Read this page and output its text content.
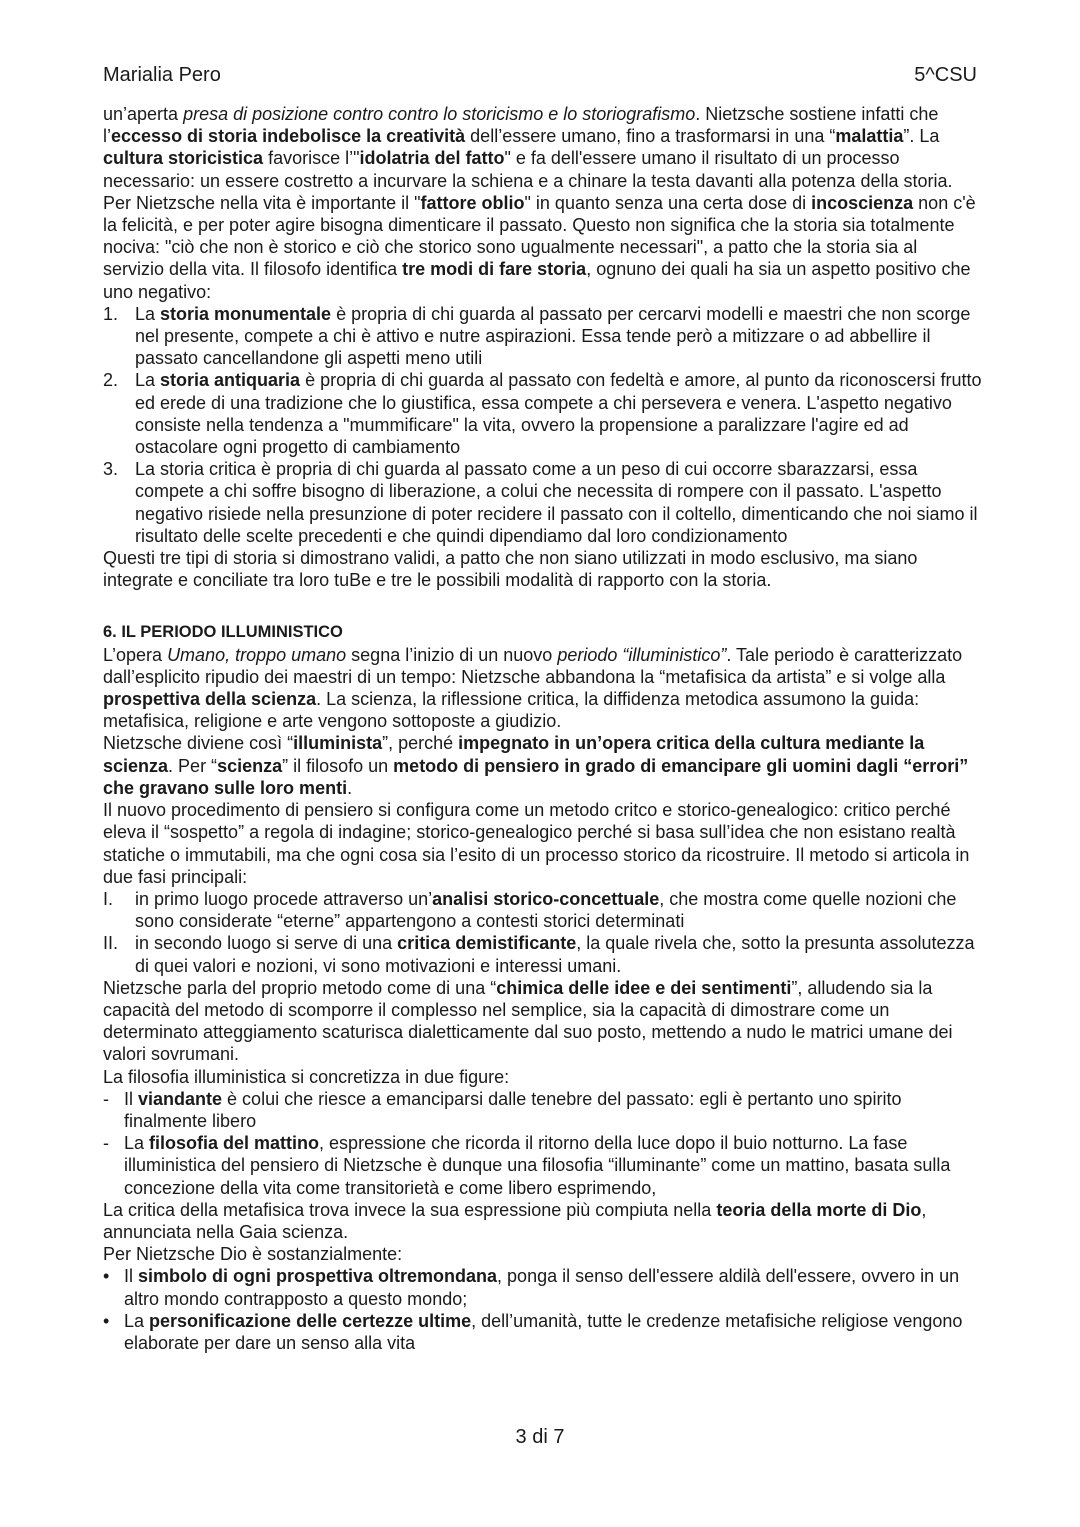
Marialia Pero	5^CSU

un’aperta presa di posizione contro contro lo storicismo e lo storiografismo. Nietzsche sostiene infatti che l’eccesso di storia indebolisce la creatività dell’essere umano, fino a trasformarsi in una “malattia”. La cultura storicistica favorisce l’"idolatria del fatto" e fa dell'essere umano il risultato di un processo necessario: un essere costretto a incurvare la schiena e a chinare la testa davanti alla potenza della storia. Per Nietzsche nella vita è importante il "fattore oblio" in quanto senza una certa dose di incoscienza non c'è la felicità, e per poter agire bisogna dimenticare il passato. Questo non significa che la storia sia totalmente nociva: "ciò che non è storico e ciò che storico sono ugualmente necessari", a patto che la storia sia al servizio della vita. Il filosofo identifica tre modi di fare storia, ognuno dei quali ha sia un aspetto positivo che uno negativo:

1. La storia monumentale è propria di chi guarda al passato per cercarvi modelli e maestri che non scorge nel presente, compete a chi è attivo e nutre aspirazioni. Essa tende però a mitizzare o ad abbellire il passato cancellandone gli aspetti meno utili
2. La storia antiquaria è propria di chi guarda al passato con fedeltà e amore, al punto da riconoscersi frutto ed erede di una tradizione che lo giustifica, essa compete a chi persevera e venera. L'aspetto negativo consiste nella tendenza a "mummificare" la vita, ovvero la propensione a paralizzare l'agire ed ad ostacolare ogni progetto di cambiamento
3. La storia critica è propria di chi guarda al passato come a un peso di cui occorre sbarazzarsi, essa compete a chi soffre bisogno di liberazione, a colui che necessita di rompere con il passato. L'aspetto negativo risiede nella presunzione di poter recidere il passato con il coltello, dimenticando che noi siamo il risultato delle scelte precedenti e che quindi dipendiamo dal loro condizionamento

Questi tre tipi di storia si dimostrano validi, a patto che non siano utilizzati in modo esclusivo, ma siano integrate e conciliate tra loro tuBe e tre le possibili modalità di rapporto con la storia.

6. IL PERIODO ILLUMINISTICO

L’opera Umano, troppo umano segna l’inizio di un nuovo periodo “illuministico”. Tale periodo è caratterizzato dall’esplicito ripudio dei maestri di un tempo: Nietzsche abbandona la “metafisica da artista” e si volge alla prospettiva della scienza. La scienza, la riflessione critica, la diffidenza metodica assumono la guida: metafisica, religione e arte vengono sottoposte a giudizio.

Nietzsche diviene così “illuminista”, perché impegnato in un’opera critica della cultura mediante la scienza. Per “scienza” il filosofo un metodo di pensiero in grado di emancipare gli uomini dagli “errori” che gravano sulle loro menti.

Il nuovo procedimento di pensiero si configura come un metodo critco e storico-genealogico: critico perché eleva il “sospetto” a regola di indagine; storico-genealogico perché si basa sull’idea che non esistano realtà statiche o immutabili, ma che ogni cosa sia l’esito di un processo storico da ricostruire. Il metodo si articola in due fasi principali:

I.	in primo luogo procede attraverso un’analisi storico-concettuale, che mostra come quelle nozioni che sono considerate “eterne” appartengono a contesti storici determinati
II. in secondo luogo si serve di una critica demistificante, la quale rivela che, sotto la presunta assolutezza di quei valori e nozioni, vi sono motivazioni e interessi umani.

Nietzsche parla del proprio metodo come di una “chimica delle idee e dei sentimenti”, alludendo sia la capacità del metodo di scomporre il complesso nel semplice, sia la capacità di dimostrare come un determinato atteggiamento scaturisca dialetticamente dal suo posto, mettendo a nudo le matrici umane dei valori sovrumani.

La filosofia illuministica si concretizza in due figure:

- Il viandante è colui che riesce a emanciparsi dalle tenebre del passato: egli è pertanto uno spirito finalmente libero
- La filosofia del mattino, espressione che ricorda il ritorno della luce dopo il buio notturno. La fase illuministica del pensiero di Nietzsche è dunque una filosofia “illuminante” come un mattino, basata sulla concezione della vita come transitorietà e come libero esprimendo,

La critica della metafisica trova invece la sua espressione più compiuta nella teoria della morte di Dio, annunciata nella Gaia scienza.

Per Nietzsche Dio è sostanzialmente:

• Il simbolo di ogni prospettiva oltremondana, ponga il senso dell'essere aldilà dell'essere, ovvero in un altro mondo contrapposto a questo mondo;
• La personificazione delle certezze ultime, dell’umanità, tutte le credenze metafisiche religiose vengono elaborate per dare un senso alla vita
3 di 7
